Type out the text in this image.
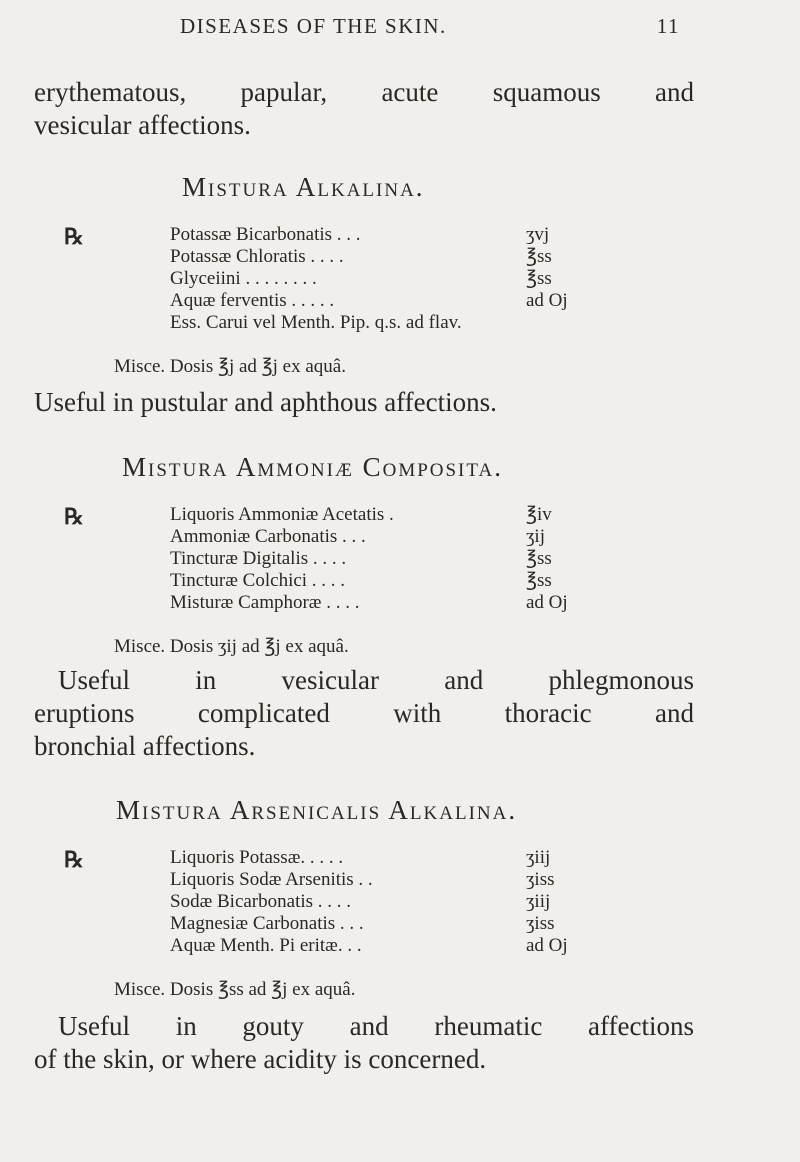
DISEASES OF THE SKIN.	11
erythematous, papular, acute squamous and
vesicular affections.
Mistura Alkalina.
℞	Potassæ Bicarbonatis . . .	ʒvj
Potassæ Chloratis . . . .	℥ss
Glyceiini . . . . . . . .	℥ss
Aquæ ferventis . . . . .	ad Oj
Ess. Carui vel Menth. Pip. q.s. ad flav.
Misce. Dosis ℥j ad ℥j ex aquâ.
Useful in pustular and aphthous affections.
Mistura Ammoniæ Composita.
℞	Liquoris Ammoniæ Acetatis .	℥iv
Ammoniæ Carbonatis . . .	ʒij
Tincturæ Digitalis . . . .	℥ss
Tincturæ Colchici . . . .	℥ss
Misturæ Camphoræ . . . .	ad Oj
Misce. Dosis ʒij ad ℥j ex aquâ.
Useful in vesicular and phlegmonous
eruptions complicated with thoracic and
bronchial affections.
Mistura Arsenicalis Alkalina.
℞	Liquoris Potassæ. . . . .	ʒiij
Liquoris Sodæ Arsenitis . .	ʒiss
Sodæ Bicarbonatis . . . .	ʒiij
Magnesiæ Carbonatis . . .	ʒiss
Aquæ Menth. Pi eritæ. . .	ad Oj
Misce. Dosis ℥ss ad ℥j ex aquâ.
Useful in gouty and rheumatic affections
of the skin, or where acidity is concerned.
